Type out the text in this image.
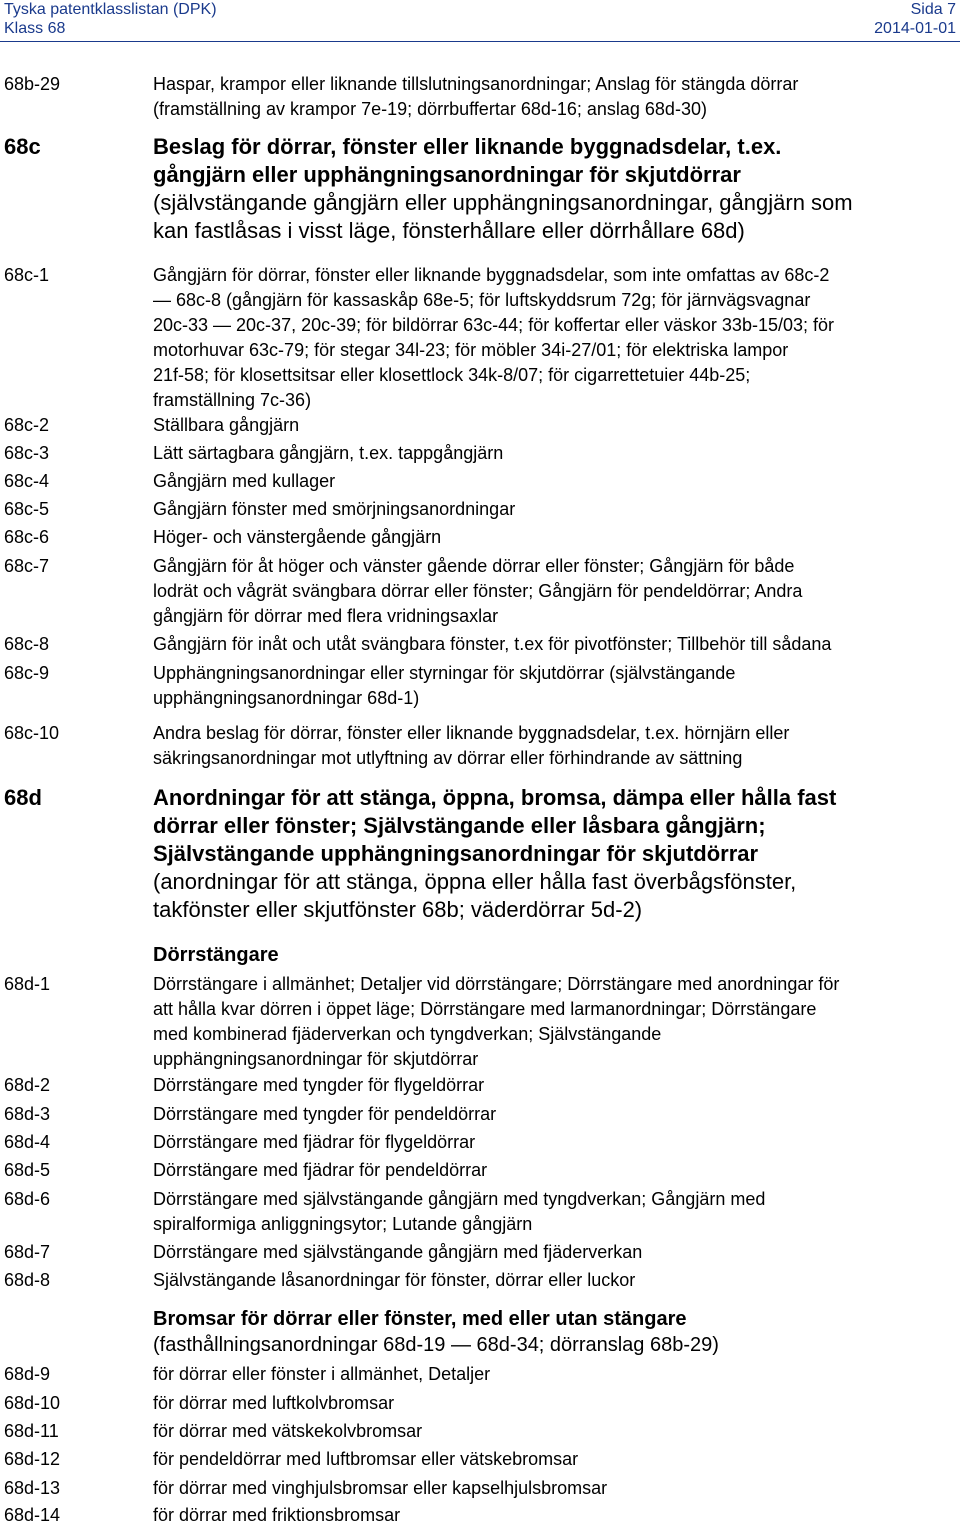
Tyska patentklasslistan (DPK)
Klass 68
Sida 7
2014-01-01
68b-29	Haspar, krampor eller liknande tillslutningsanordningar; Anslag för stängda dörrar
(framställning av krampor 7e-19; dörrbuffertar 68d-16; anslag 68d-30)
68c	Beslag för dörrar, fönster eller liknande byggnadsdelar, t.ex.
gångjärn eller upphängningsanordningar för skjutdörrar
(självstängande gångjärn eller upphängningsanordningar, gångjärn som
kan fastlåsas i visst läge, fönsterhållare eller dörrhållare 68d)
68c-1	Gångjärn för dörrar, fönster eller liknande byggnadsdelar, som inte omfattas av 68c-2
— 68c-8 (gångjärn för kassaskåp 68e-5; för luftskyddsrum 72g; för järnvägsvagnar
20c-33 — 20c-37, 20c-39; för bildörrar 63c-44; för koffertar eller väskor 33b-15/03; för
motorhuvar 63c-79; för stegar 34l-23; för möbler 34i-27/01; för elektriska lampor
21f-58; för klosettsitsar eller klosettlock 34k-8/07; för cigarrettetuier 44b-25;
framställning 7c-36)
68c-2	Ställbara gångjärn
68c-3	Lätt särtagbara gångjärn, t.ex. tappgångjärn
68c-4	Gångjärn med kullager
68c-5	Gångjärn fönster med smörjningsanordningar
68c-6	Höger- och vänstergående gångjärn
68c-7	Gångjärn för åt höger och vänster gående dörrar eller fönster; Gångjärn för både
lodrät och vågrät svängbara dörrar eller fönster; Gångjärn för pendeldörrar; Andra
gångjärn för dörrar med flera vridningsaxlar
68c-8	Gångjärn för inåt och utåt svängbara fönster, t.ex för pivotfönster; Tillbehör till sådana
68c-9	Upphängningsanordningar eller styrningar för skjutdörrar (självstängande
upphängningsanordningar 68d-1)
68c-10	Andra beslag för dörrar, fönster eller liknande byggnadsdelar, t.ex. hörnjärn eller
säkringsanordningar mot utlyftning av dörrar eller förhindrande av sättning
68d	Anordningar för att stänga, öppna, bromsa, dämpa eller hålla fast
dörrar eller fönster; Självstängande eller låsbara gångjärn;
Självstängande upphängningsanordningar för skjutdörrar
(anordningar för att stänga, öppna eller hålla fast överbågsfönster,
takfönster eller skjutfönster 68b; väderdörrar 5d-2)
Dörrstängare
68d-1	Dörrstängare i allmänhet; Detaljer vid dörrstängare; Dörrstängare med anordningar för
att hålla kvar dörren i öppet läge; Dörrstängare med larmanordningar; Dörrstängare
med kombinerad fjäderverkan och tyngdverkan; Självstängande
upphängningsanordningar för skjutdörrar
68d-2	Dörrstängare med tyngder för flygeldörrar
68d-3	Dörrstängare med tyngder för pendeldörrar
68d-4	Dörrstängare med fjädrar för flygeldörrar
68d-5	Dörrstängare med fjädrar för pendeldörrar
68d-6	Dörrstängare med självstängande gångjärn med tyngdverkan; Gångjärn med
spiralformiga anliggningsytor; Lutande gångjärn
68d-7	Dörrstängare med självstängande gångjärn med fjäderverkan
68d-8	Självstängande låsanordningar för fönster, dörrar eller luckor
Bromsar för dörrar eller fönster, med eller utan stängare
(fasthållningsanordningar 68d-19 — 68d-34; dörranslag 68b-29)
68d-9	för dörrar eller fönster i allmänhet, Detaljer
68d-10	för dörrar med luftkolvbromsar
68d-11	för dörrar med vätskekolvbromsar
68d-12	för pendeldörrar med luftbromsar eller vätskebromsar
68d-13	för dörrar med vinghjulsbromsar eller kapselhjulsbromsar
68d-14	för dörrar med friktionsbromsar
